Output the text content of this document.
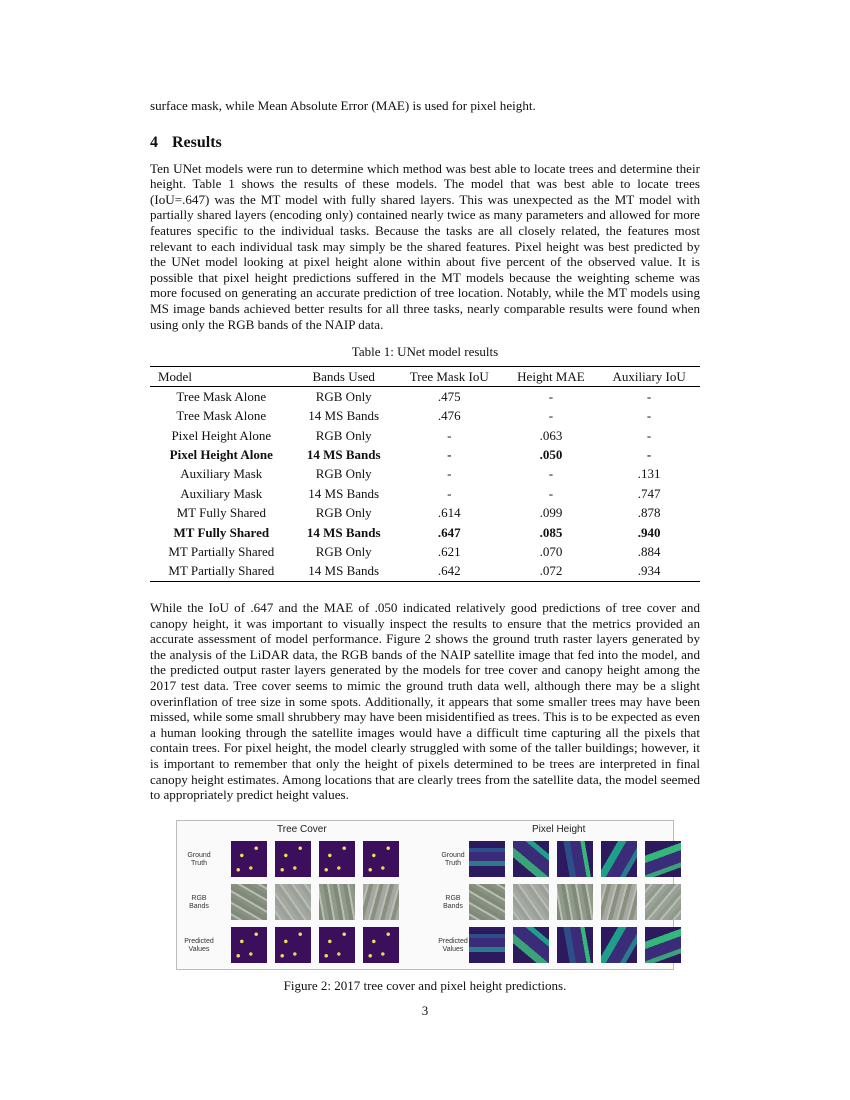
surface mask, while Mean Absolute Error (MAE) is used for pixel height.

4 Results

Ten UNet models were run to determine which method was best able to locate trees and determine their height. Table 1 shows the results of these models. The model that was best able to locate trees (IoU=.647) was the MT model with fully shared layers. This was unexpected as the MT model with partially shared layers (encoding only) contained nearly twice as many parameters and allowed for more features specific to the individual tasks. Because the tasks are all closely related, the features most relevant to each individual task may simply be the shared features. Pixel height was best predicted by the UNet model looking at pixel height alone within about five percent of the observed value. It is possible that pixel height predictions suffered in the MT models because the weighting scheme was more focused on generating an accurate prediction of tree location. Notably, while the MT models using MS image bands achieved better results for all three tasks, nearly comparable results were found when using only the RGB bands of the NAIP data.

Table 1: UNet model results
Model	Bands Used	Tree Mask IoU	Height MAE	Auxiliary IoU
Tree Mask Alone	RGB Only	.475	-	-
Tree Mask Alone	14 MS Bands	.476	-	-
Pixel Height Alone	RGB Only	-	.063	-
Pixel Height Alone	14 MS Bands	-	.050	-
Auxiliary Mask	RGB Only	-	-	.131
Auxiliary Mask	14 MS Bands	-	-	.747
MT Fully Shared	RGB Only	.614	.099	.878
MT Fully Shared	14 MS Bands	.647	.085	.940
MT Partially Shared	RGB Only	.621	.070	.884
MT Partially Shared	14 MS Bands	.642	.072	.934

While the IoU of .647 and the MAE of .050 indicated relatively good predictions of tree cover and canopy height, it was important to visually inspect the results to ensure that the metrics provided an accurate assessment of model performance. Figure 2 shows the ground truth raster layers generated by the analysis of the LiDAR data, the RGB bands of the NAIP satellite image that fed into the model, and the predicted output raster layers generated by the models for tree cover and canopy height among the 2017 test data. Tree cover seems to mimic the ground truth data well, although there may be a slight overinflation of tree size in some spots. Additionally, it appears that some smaller trees may have been missed, while some small shrubbery may have been misidentified as trees. This is to be expected as even a human looking through the satellite images would have a difficult time capturing all the pixels that contain trees. For pixel height, the model clearly struggled with some of the taller buildings; however, it is important to remember that only the height of pixels determined to be trees are interpreted in final canopy height estimates. Among locations that are clearly trees from the satellite data, the model seemed to appropriately predict height values.

Tree Cover	Pixel Height
Ground Truth
RGB Bands
Predicted Values
Ground Truth
RGB Bands
Predicted Values
Figure 2: 2017 tree cover and pixel height predictions.
3
